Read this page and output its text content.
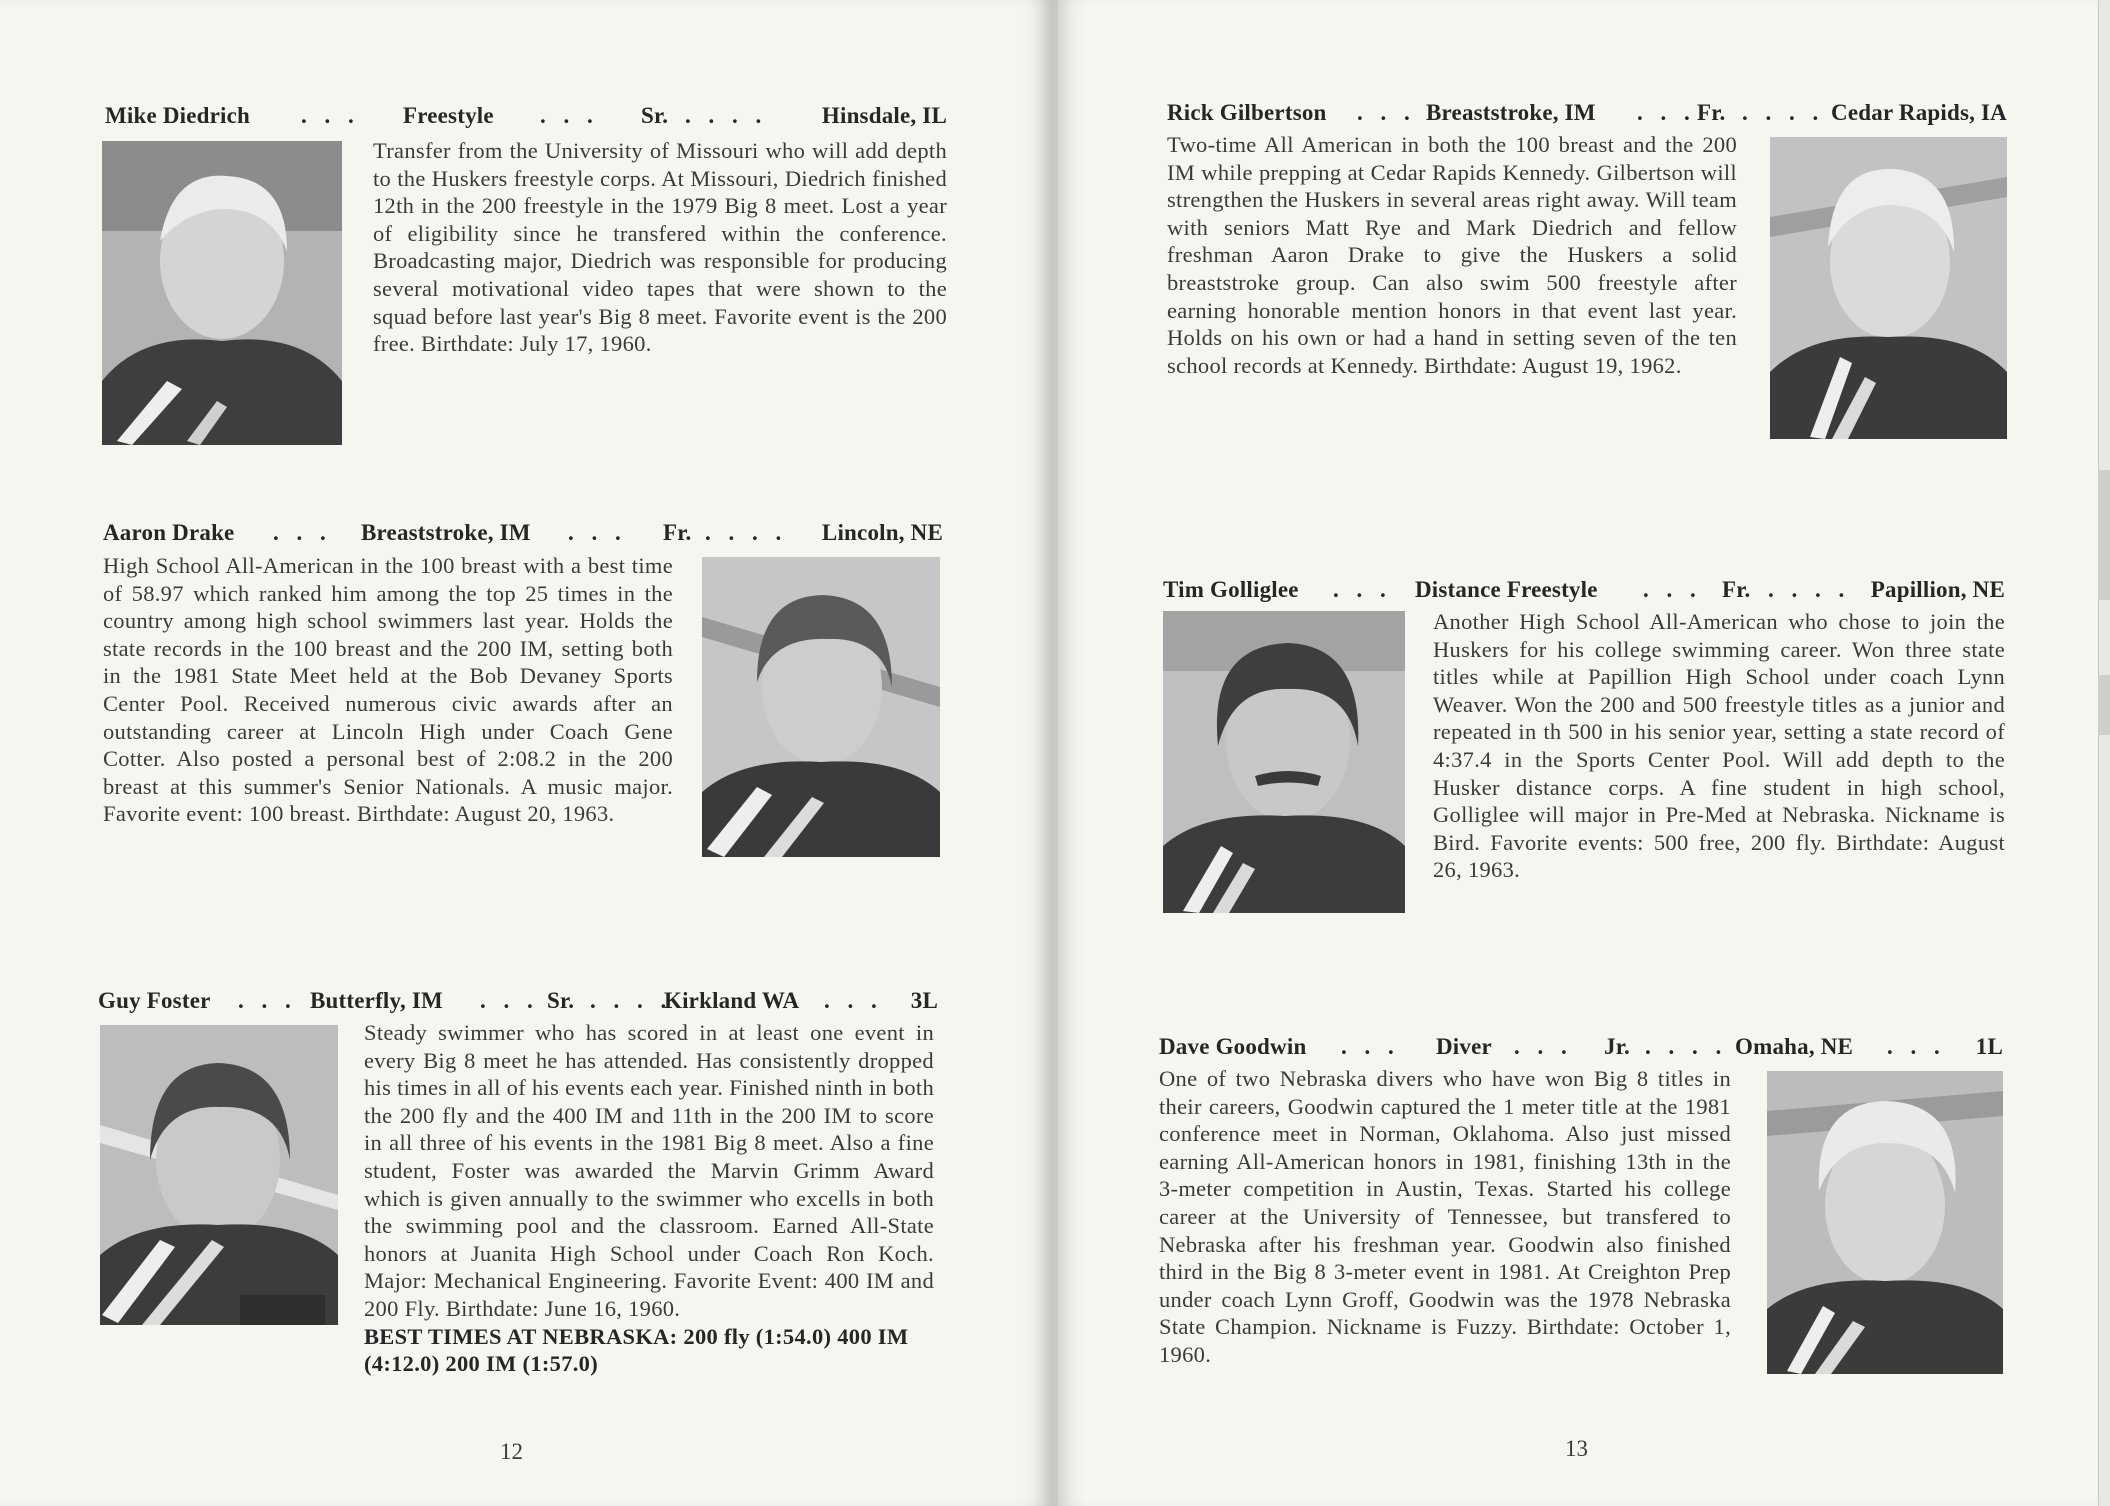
Mike Diedrich . . . Freestyle . . . Sr. . . . . Hinsdale, IL
Transfer from the University of Missouri who will add depth to the Huskers freestyle corps. At Missouri, Diedrich finished 12th in the 200 freestyle in the 1979 Big 8 meet. Lost a year of eligibility since he transfered within the conference. Broadcasting major, Diedrich was responsible for producing several motivational video tapes that were shown to the squad before last year's Big 8 meet. Favorite event is the 200 free. Birthdate: July 17, 1960.
Aaron Drake . . . Breaststroke, IM . . . Fr. . . . . Lincoln, NE
High School All-American in the 100 breast with a best time of 58.97 which ranked him among the top 25 times in the country among high school swimmers last year. Holds the state records in the 100 breast and the 200 IM, setting both in the 1981 State Meet held at the Bob Devaney Sports Center Pool. Received numerous civic awards after an outstanding career at Lincoln High under Coach Gene Cotter. Also posted a personal best of 2:08.2 in the 200 breast at this summer's Senior Nationals. A music major. Favorite event: 100 breast. Birthdate: August 20, 1963.
Guy Foster . . . Butterfly, IM . . . Sr. . . . .
Kirkland WA . . . 3L
Steady swimmer who has scored in at least one event in every Big 8 meet he has attended. Has consistently dropped his times in all of his events each year. Finished ninth in both the 200 fly and the 400 IM and 11th in the 200 IM to score in all three of his events in the 1981 Big 8 meet. Also a fine student, Foster was awarded the Marvin Grimm Award which is given annually to the swimmer who excells in both the swimming pool and the classroom. Earned All-State honors at Juanita High School under Coach Ron Koch. Major: Mechanical Engineering. Favorite Event: 400 IM and 200 Fly. Birthdate: June 16, 1960.
BEST TIMES AT NEBRASKA: 200 fly (1:54.0) 400 IM (4:12.0) 200 IM (1:57.0)
12
Rick Gilbertson . . . Breaststroke, IM . . . Fr. . . . . Cedar Rapids, IA
Two-time All American in both the 100 breast and the 200 IM while prepping at Cedar Rapids Kennedy. Gilbertson will strengthen the Huskers in several areas right away. Will team with seniors Matt Rye and Mark Diedrich and fellow freshman Aaron Drake to give the Huskers a solid breaststroke group. Can also swim 500 freestyle after earning honorable mention honors in that event last year. Holds on his own or had a hand in setting seven of the ten school records at Kennedy. Birthdate: August 19, 1962.
Tim Golliglee . . . Distance Freestyle . . . Fr. . . . . Papillion, NE
Another High School All-American who chose to join the Huskers for his college swimming career. Won three state titles while at Papillion High School under coach Lynn Weaver. Won the 200 and 500 freestyle titles as a junior and repeated in th 500 in his senior year, setting a state record of 4:37.4 in the Sports Center Pool. Will add depth to the Husker distance corps. A fine student in high school, Golliglee will major in Pre-Med at Nebraska. Nickname is Bird. Favorite events: 500 free, 200 fly. Birthdate: August 26, 1963.
Dave Goodwin . . . Diver . . . Jr. . . . . Omaha, NE . . . 1L
One of two Nebraska divers who have won Big 8 titles in their careers, Goodwin captured the 1 meter title at the 1981 conference meet in Norman, Oklahoma. Also just missed earning All-American honors in 1981, finishing 13th in the 3-meter competition in Austin, Texas. Started his college career at the University of Tennessee, but transfered to Nebraska after his freshman year. Goodwin also finished third in the Big 8 3-meter event in 1981. At Creighton Prep under coach Lynn Groff, Goodwin was the 1978 Nebraska State Champion. Nickname is Fuzzy. Birthdate: October 1, 1960.
13
